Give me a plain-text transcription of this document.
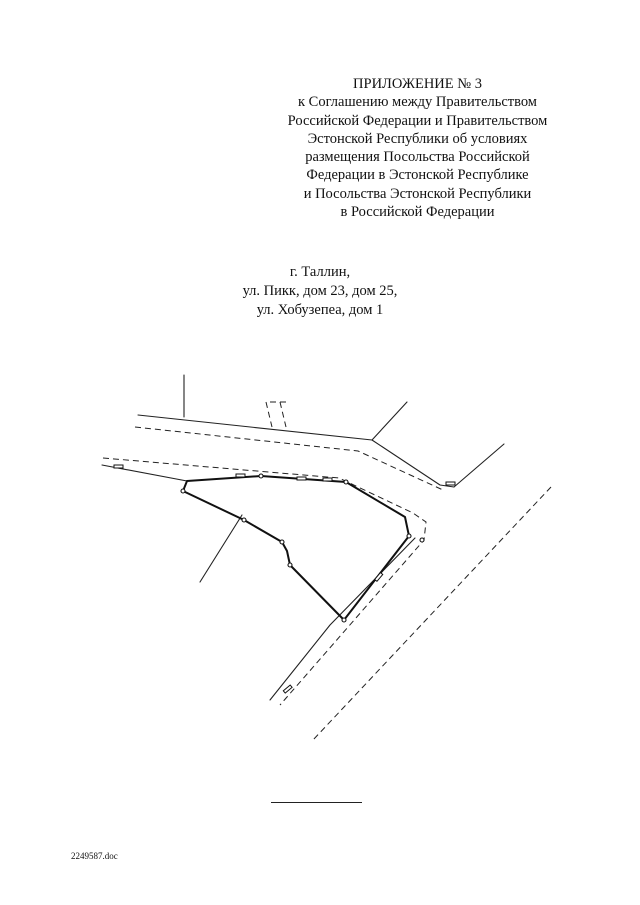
ПРИЛОЖЕНИЕ № 3
к Соглашению между Правительством
Российской Федерации и Правительством
Эстонской Республики об условиях
размещения Посольства Российской
Федерации в Эстонской Республике
и Посольства Эстонской Республики
в Российской Федерации
г. Таллин,
ул. Пикк, дом 23, дом 25,
ул. Хобузепеа, дом 1
2249587.doc
